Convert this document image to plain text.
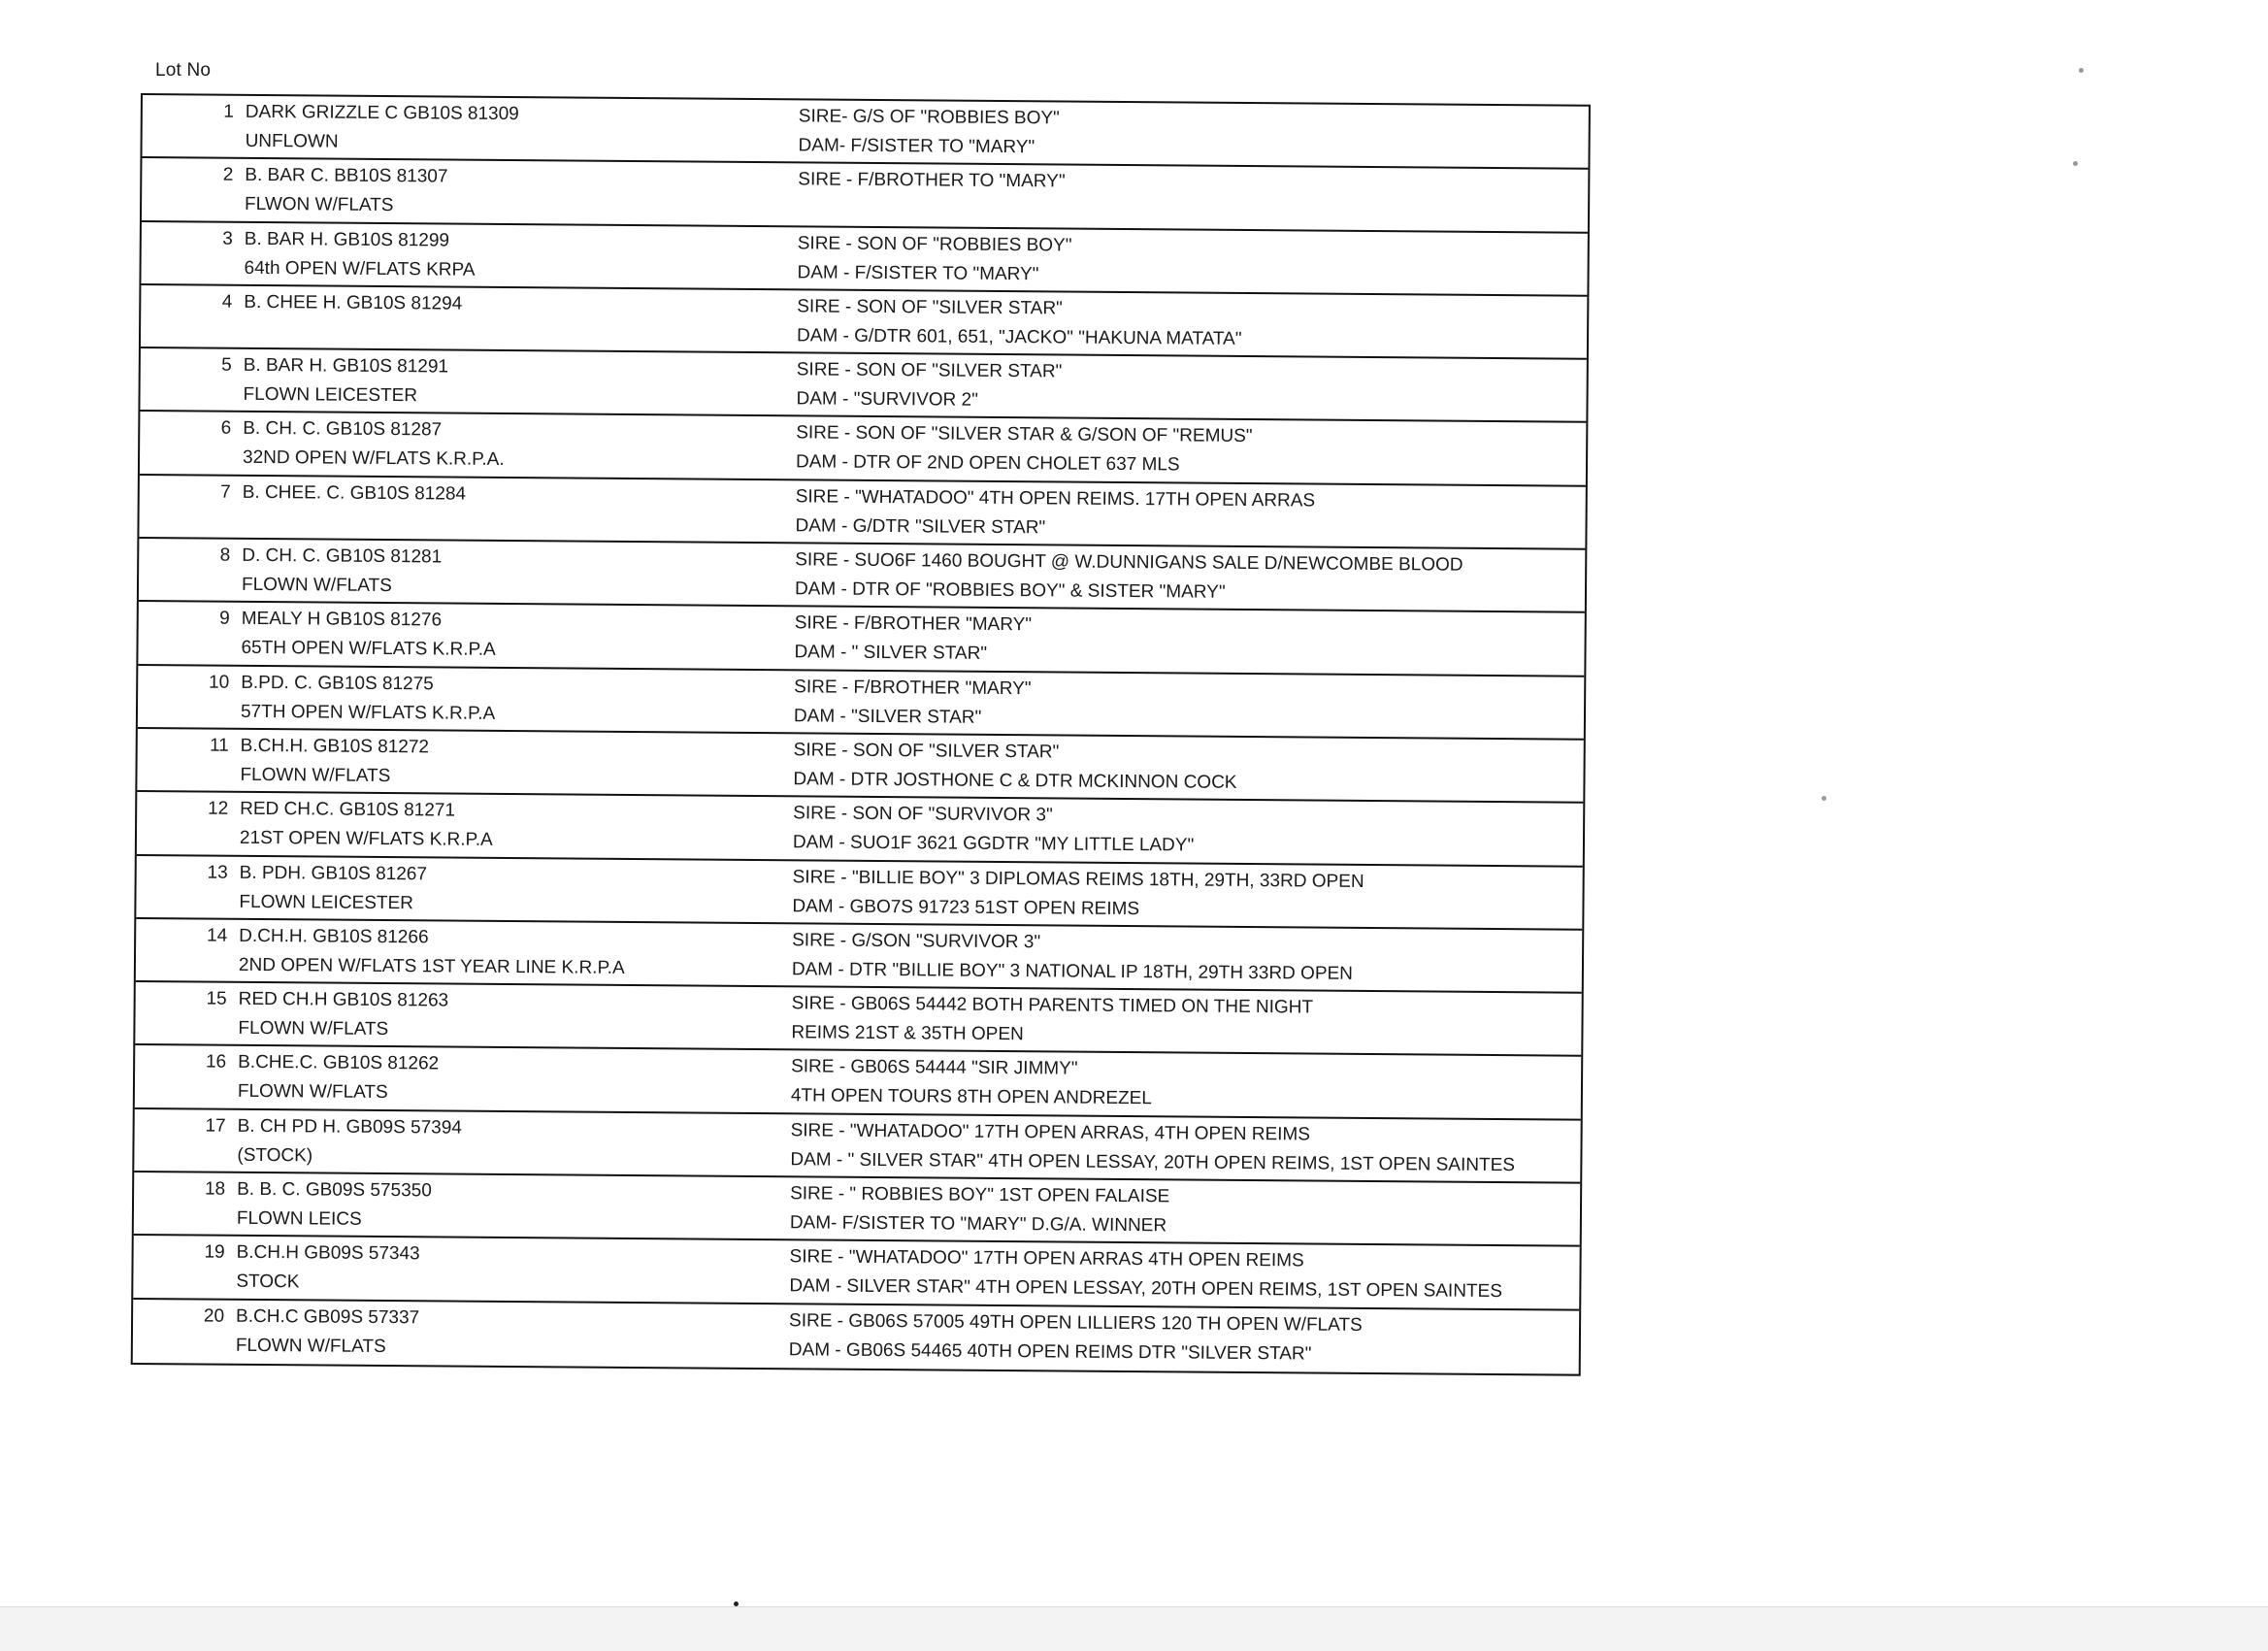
Lot No
1 DARK GRIZZLE C GB10S 81309
UNFLOWN
SIRE- G/S OF "ROBBIES BOY"
DAM- F/SISTER TO "MARY"
2 B. BAR C. BB10S 81307
FLWON W/FLATS
SIRE - F/BROTHER TO "MARY"
3 B. BAR H. GB10S 81299
64th OPEN W/FLATS KRPA
SIRE - SON OF "ROBBIES BOY"
DAM - F/SISTER TO "MARY"
4 B. CHEE H. GB10S 81294	SIRE - SON OF "SILVER STAR"
DAM - G/DTR 601, 651, "JACKO" "HAKUNA MATATA"
5 B. BAR H. GB10S 81291
FLOWN LEICESTER
SIRE - SON OF "SILVER STAR"
DAM - "SURVIVOR 2"
6 B. CH. C. GB10S 81287
32ND OPEN W/FLATS K.R.P.A.
SIRE - SON OF "SILVER STAR & G/SON OF "REMUS"
DAM - DTR OF 2ND OPEN CHOLET 637 MLS
7 B. CHEE. C. GB10S 81284	SIRE - "WHATADOO" 4TH OPEN REIMS. 17TH OPEN ARRAS
DAM - G/DTR "SILVER STAR"
8 D. CH. C. GB10S 81281
FLOWN W/FLATS
SIRE - SUO6F 1460 BOUGHT @ W.DUNNIGANS SALE D/NEWCOMBE BLOOD
DAM - DTR OF "ROBBIES BOY" & SISTER "MARY"
9 MEALY H GB10S 81276
65TH OPEN W/FLATS K.R.P.A
SIRE - F/BROTHER "MARY"
DAM - " SILVER STAR"
10 B.PD. C. GB10S 81275
57TH OPEN W/FLATS K.R.P.A
SIRE - F/BROTHER "MARY"
DAM - "SILVER STAR"
11 B.CH.H. GB10S 81272
FLOWN W/FLATS
SIRE - SON OF "SILVER STAR"
DAM - DTR JOSTHONE C & DTR MCKINNON COCK
12 RED CH.C. GB10S 81271
21ST OPEN W/FLATS K.R.P.A
SIRE - SON OF "SURVIVOR 3"
DAM - SUO1F 3621 GGDTR "MY LITTLE LADY"
13 B. PDH. GB10S 81267
FLOWN LEICESTER
SIRE - "BILLIE BOY" 3 DIPLOMAS REIMS 18TH, 29TH, 33RD OPEN
DAM - GBO7S 91723 51ST OPEN REIMS
14 D.CH.H. GB10S 81266
2ND OPEN W/FLATS 1ST YEAR LINE K.R.P.A
SIRE - G/SON "SURVIVOR 3"
DAM - DTR "BILLIE BOY" 3 NATIONAL IP 18TH, 29TH 33RD OPEN
15 RED CH.H GB10S 81263
FLOWN W/FLATS
SIRE - GB06S 54442 BOTH PARENTS TIMED ON THE NIGHT
REIMS 21ST & 35TH OPEN
16 B.CHE.C. GB10S 81262
FLOWN W/FLATS
SIRE - GB06S 54444 "SIR JIMMY"
4TH OPEN TOURS 8TH OPEN ANDREZEL
17 B. CH PD H. GB09S 57394
(STOCK)
SIRE - "WHATADOO" 17TH OPEN ARRAS, 4TH OPEN REIMS
DAM - " SILVER STAR" 4TH OPEN LESSAY, 20TH OPEN REIMS, 1ST OPEN SAINTES
18 B. B. C. GB09S 575350
FLOWN LEICS
SIRE - " ROBBIES BOY" 1ST OPEN FALAISE
DAM- F/SISTER TO "MARY" D.G/A. WINNER
19 B.CH.H GB09S 57343
STOCK
SIRE - "WHATADOO" 17TH OPEN ARRAS 4TH OPEN REIMS
DAM - SILVER STAR" 4TH OPEN LESSAY, 20TH OPEN REIMS, 1ST OPEN SAINTES
20 B.CH.C GB09S 57337
FLOWN W/FLATS
SIRE - GB06S 57005 49TH OPEN LILLIERS 120 TH OPEN W/FLATS
DAM - GB06S 54465 40TH OPEN REIMS DTR "SILVER STAR"
